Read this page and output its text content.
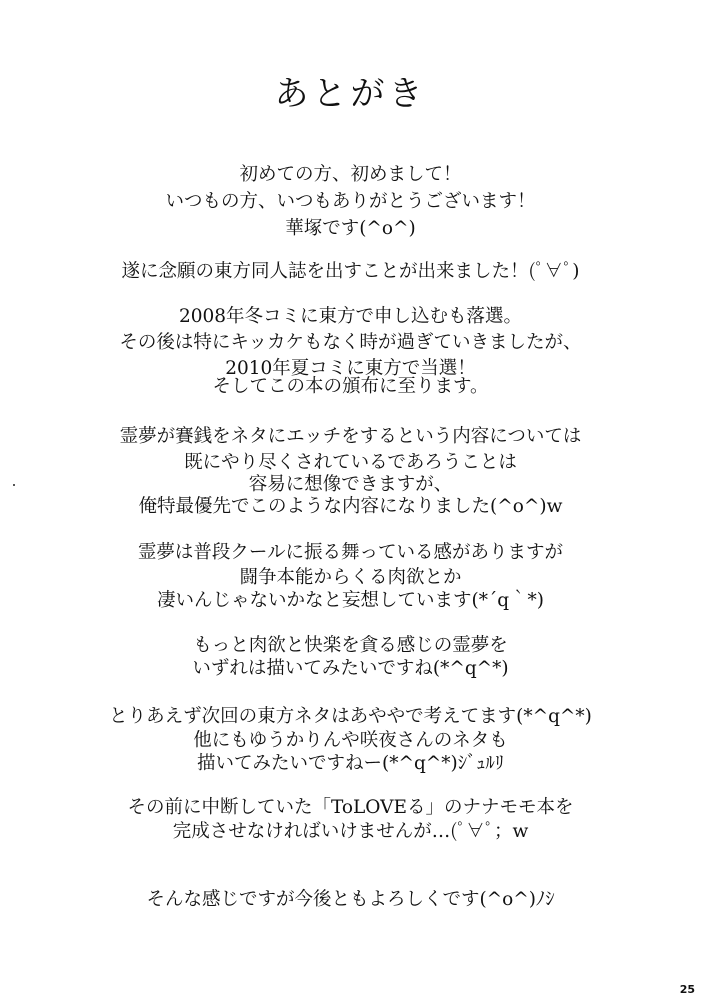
あとがき
初めての方、初めまして！
いつもの方、いつもありがとうございます！
華塚です(^o^)
遂に念願の東方同人誌を出すことが出来ました！(ﾟ∀ﾟ)
2008年冬コミに東方で申し込むも落選。
その後は特にキッカケもなく時が過ぎていきましたが、
2010年夏コミに東方で当選！
そしてこの本の頒布に至ります。
霊夢が賽銭をネタにエッチをするという内容については
既にやり尽くされているであろうことは
容易に想像できますが、
俺特最優先でこのような内容になりました(^o^)w
霊夢は普段クールに振る舞っている感がありますが
闘争本能からくる肉欲とか
凄いんじゃないかなと妄想しています(*´q｀*)
もっと肉欲と快楽を貪る感じの霊夢を
いずれは描いてみたいですね(*^q^*)
とりあえず次回の東方ネタはあややで考えてます(*^q^*)
他にもゆうかりんや咲夜さんのネタも
描いてみたいですねー(*^q^*)ｼﾞｭﾙﾘ
その前に中断していた「ToLOVEる」のナナモモ本を
完成させなければいけませんが…(ﾟ∀ﾟ；w
そんな感じですが今後ともよろしくです(^o^)ﾉｼ
25
